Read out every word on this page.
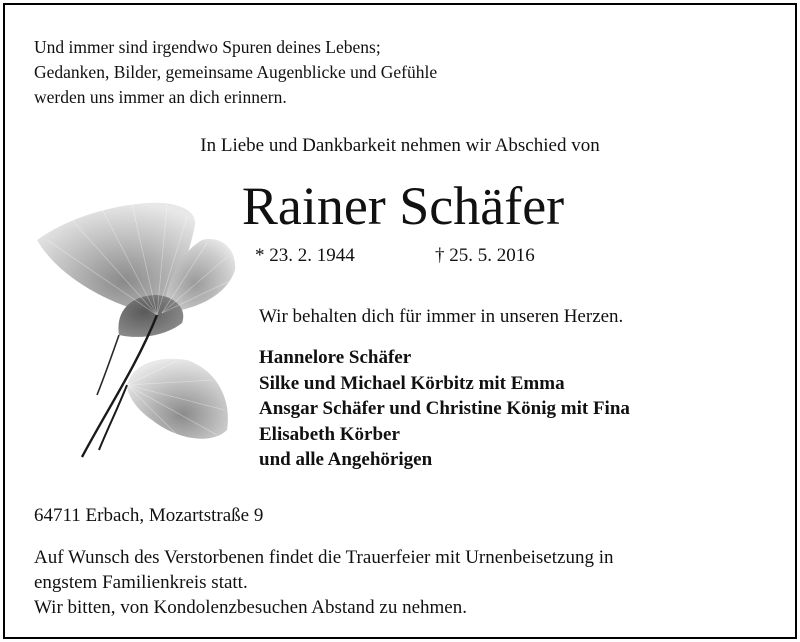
Und immer sind irgendwo Spuren deines Lebens;
Gedanken, Bilder, gemeinsame Augenblicke und Gefühle
werden uns immer an dich erinnern.
In Liebe und Dankbarkeit nehmen wir Abschied von
Rainer Schäfer
* 23. 2. 1944	† 25. 5. 2016
Wir behalten dich für immer in unseren Herzen.
Hannelore Schäfer
Silke und Michael Körbitz mit Emma
Ansgar Schäfer und Christine König mit Fina
Elisabeth Körber
und alle Angehörigen
64711 Erbach, Mozartstraße 9
Auf Wunsch des Verstorbenen findet die Trauerfeier mit Urnenbeisetzung in
engstem Familienkreis statt.
Wir bitten, von Kondolenzbesuchen Abstand zu nehmen.
